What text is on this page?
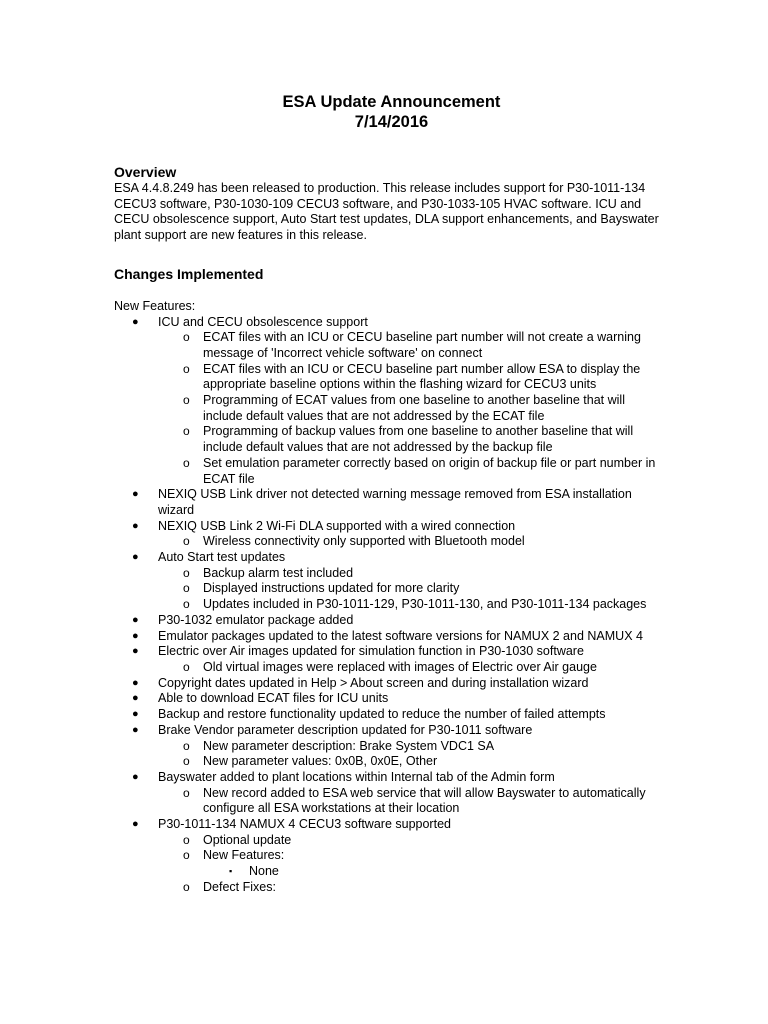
ESA Update Announcement
7/14/2016
Overview
ESA 4.4.8.249 has been released to production. This release includes support for P30-1011-134 CECU3 software, P30-1030-109 CECU3 software, and P30-1033-105 HVAC software. ICU and CECU obsolescence support, Auto Start test updates, DLA support enhancements, and Bayswater plant support are new features in this release.
Changes Implemented
New Features:
● ICU and CECU obsolescence support
o ECAT files with an ICU or CECU baseline part number will not create a warning message of 'Incorrect vehicle software' on connect
o ECAT files with an ICU or CECU baseline part number allow ESA to display the appropriate baseline options within the flashing wizard for CECU3 units
o Programming of ECAT values from one baseline to another baseline that will include default values that are not addressed by the ECAT file
o Programming of backup values from one baseline to another baseline that will include default values that are not addressed by the backup file
o Set emulation parameter correctly based on origin of backup file or part number in ECAT file
● NEXIQ USB Link driver not detected warning message removed from ESA installation wizard
● NEXIQ USB Link 2 Wi-Fi DLA supported with a wired connection
o Wireless connectivity only supported with Bluetooth model
● Auto Start test updates
o Backup alarm test included
o Displayed instructions updated for more clarity
o Updates included in P30-1011-129, P30-1011-130, and P30-1011-134 packages
● P30-1032 emulator package added
● Emulator packages updated to the latest software versions for NAMUX 2 and NAMUX 4
● Electric over Air images updated for simulation function in P30-1030 software
o Old virtual images were replaced with images of Electric over Air gauge
● Copyright dates updated in Help > About screen and during installation wizard
● Able to download ECAT files for ICU units
● Backup and restore functionality updated to reduce the number of failed attempts
● Brake Vendor parameter description updated for P30-1011 software
o New parameter description: Brake System VDC1 SA
o New parameter values: 0x0B, 0x0E, Other
● Bayswater added to plant locations within Internal tab of the Admin form
o New record added to ESA web service that will allow Bayswater to automatically configure all ESA workstations at their location
● P30-1011-134 NAMUX 4 CECU3 software supported
o Optional update
o New Features:
▪ None
o Defect Fixes:
